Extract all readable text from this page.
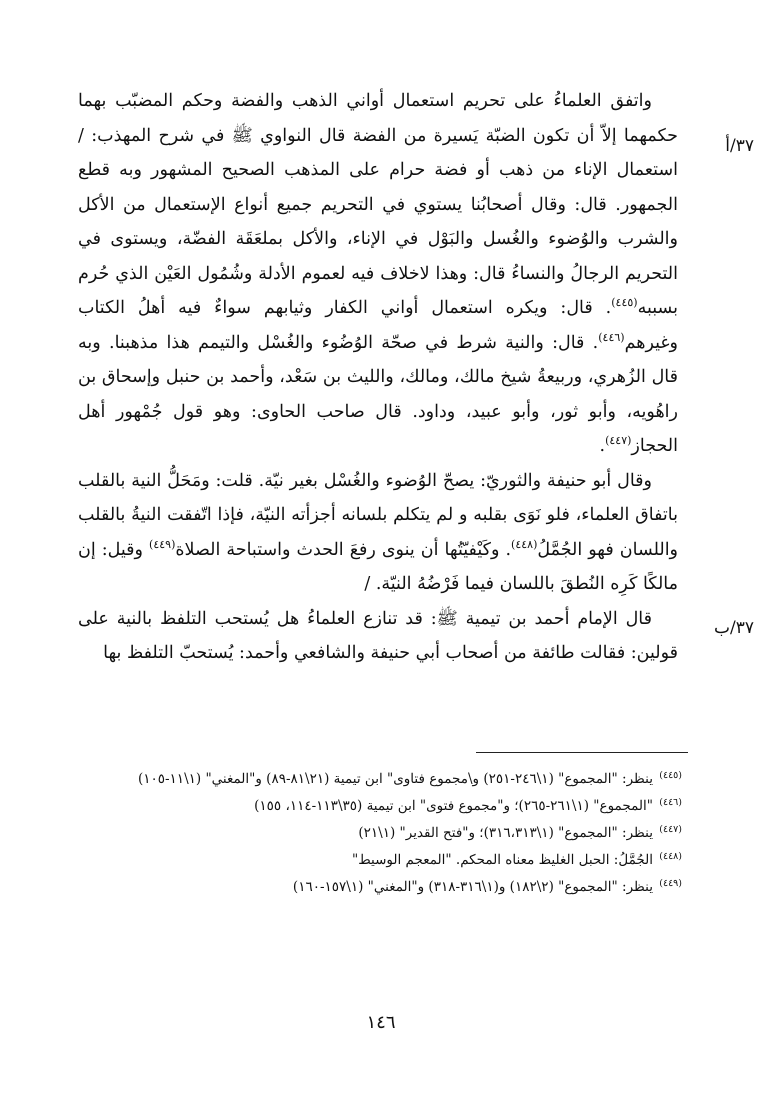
واتفق العلماءُ على تحريم استعمال أواني الذهب والفضة وحكم المضبّب بهما حكمهما إلاّ أن تكون الضبّة يَسيرة من الفضة قال النواوي ﷺ في شرح المهذب: / استعمال الإناء من ذهب أو فضة حرام على المذهب الصحيح المشهور وبه قطع الجمهور. قال: وقال أصحابُنا يستوي في التحريم جميع أنواع الإستعمال من الأكل والشرب والوُضوء والغُسل والبَوْل في الإناء، والأكل بملعَقَة الفضّة، ويستوى في التحريم الرجالُ والنساءُ قال: وهذا لاخلاف فيه لعموم الأدلة وشُمُول العَيْن الذي حُرم بسببه$^{(٤٤٥)}$. قال: ويكره استعمال أواني الكفار وثيابهم سواءٌ فيه أهلُ الكتاب وغيرهم$^{(٤٤٦)}$. قال: والنية شرط في صحّة الوُضُوء والغُسْل والتيمم هذا مذهبنا. وبه قال الزُهري، وربيعةُ شيخ مالك، ومالك، والليث بن سَعْد، وأحمد بن حنبل وإسحاق بن راهُويه، وأبو ثور، وأبو عبيد، وداود. قال صاحب الحاوى: وهو قول جُمْهور أهل الحجاز$^{(٤٤٧)}$.

وقال أبو حنيفة والثوريّ: يصحّ الوُضوء والغُسْل بغير نيّة. قلت: ومَحَلُّ النية بالقلب باتفاق العلماء، فلو نَوَى بقلبه و لم يتكلم بلسانه أجزأته النيّة، فإذا اتّفقت النيةُ بالقلب واللسان فهو الجُمَّلُ$^{(٤٤٨)}$. وكَيْفيّتُها أن ينوى رفعَ الحدث واستباحة الصلاة$^{(٤٤٩)}$ وقيل: إن مالكًا كَرِه النُطقَ باللسان فيما فَرْضُهُ النيّة. /

قال الإمام أحمد بن تيمية ﷺ: قد تنازع العلماءُ هل يُستحب التلفظ بالنية على قولين: فقالت طائفة من أصحاب أبي حنيفة والشافعي وأحمد: يُستحبّ التلفظ بها

٣٧/أ
٣٧/ب

$^{(٤٤٥)}$ ينظر: "المجموع" (١\٢٤٦-٢٥١) و\مجموع فتاوى" ابن تيمية (٢١\٨١-٨٩) و"المغني" (١\١١-١٠٥)

$^{(٤٤٦)}$ "المجموع" (١\٢٦١-٢٦٥)؛ و"مجموع فتوى" ابن تيمية (٣٥\١١٣-١١٤، ١٥٥)

$^{(٤٤٧)}$ ينظر: "المجموع" (١\٣١٦،٣١٣)؛ و"فتح القدير" (١\٢١)

$^{(٤٤٨)}$ الجُمَّلُ: الحبل الغليظ معناه المحكم. "المعجم الوسيط"

$^{(٤٤٩)}$ ينظر: "المجموع" (٢\١٨٢) و(١\٣١٦-٣١٨) و"المغني" (١\١٥٧-١٦٠)

١٤٦
